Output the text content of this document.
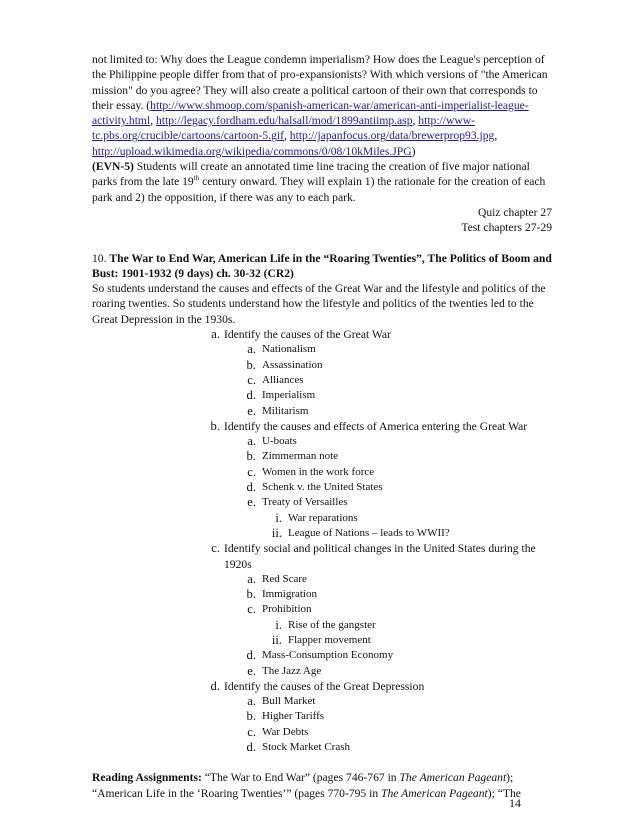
not limited to: Why does the League condemn imperialism? How does the League's perception of the Philippine people differ from that of pro-expansionists? With which versions of "the American mission" do you agree? They will also create a political cartoon of their own that corresponds to their essay. (http://www.shmoop.com/spanish-american-war/american-anti-imperialist-league-activity.html, http://legacy.fordham.edu/halsall/mod/1899antiimp.asp, http://www-tc.pbs.org/crucible/cartoons/cartoon-5.gif, http://japanfocus.org/data/brewerprop93.jpg, http://upload.wikimedia.org/wikipedia/commons/0/08/10kMiles.JPG)

(EVN-5) Students will create an annotated time line tracing the creation of five major national parks from the late 19th century onward. They will explain 1) the rationale for the creation of each park and 2) the opposition, if there was any to each park.

Quiz chapter 27

Test chapters 27-29

10. The War to End War, American Life in the “Roaring Twenties”, The Politics of Boom and Bust: 1901-1932 (9 days) ch. 30-32 (CR2)

So students understand the causes and effects of the Great War and the lifestyle and politics of the roaring twenties. So students understand how the lifestyle and politics of the twenties led to the Great Depression in the 1930s.

a. Identify the causes of the Great War
a. Nationalism
b. Assassination
c. Alliances
d. Imperialism
e. Militarism
b. Identify the causes and effects of America entering the Great War
a. U-boats
b. Zimmerman note
c. Women in the work force
d. Schenk v. the United States
e. Treaty of Versailles
i. War reparations
ii. League of Nations – leads to WWII?
c. Identify social and political changes in the United States during the 1920s
a. Red Scare
b. Immigration
c. Prohibition
i. Rise of the gangster
ii. Flapper movement
d. Mass-Consumption Economy
e. The Jazz Age
d. Identify the causes of the Great Depression
a. Bull Market
b. Higher Tariffs
c. War Debts
d. Stock Market Crash

Reading Assignments: “The War to End War” (pages 746-767 in The American Pageant); “American Life in the ‘Roaring Twenties’” (pages 770-795 in The American Pageant); “The

14
